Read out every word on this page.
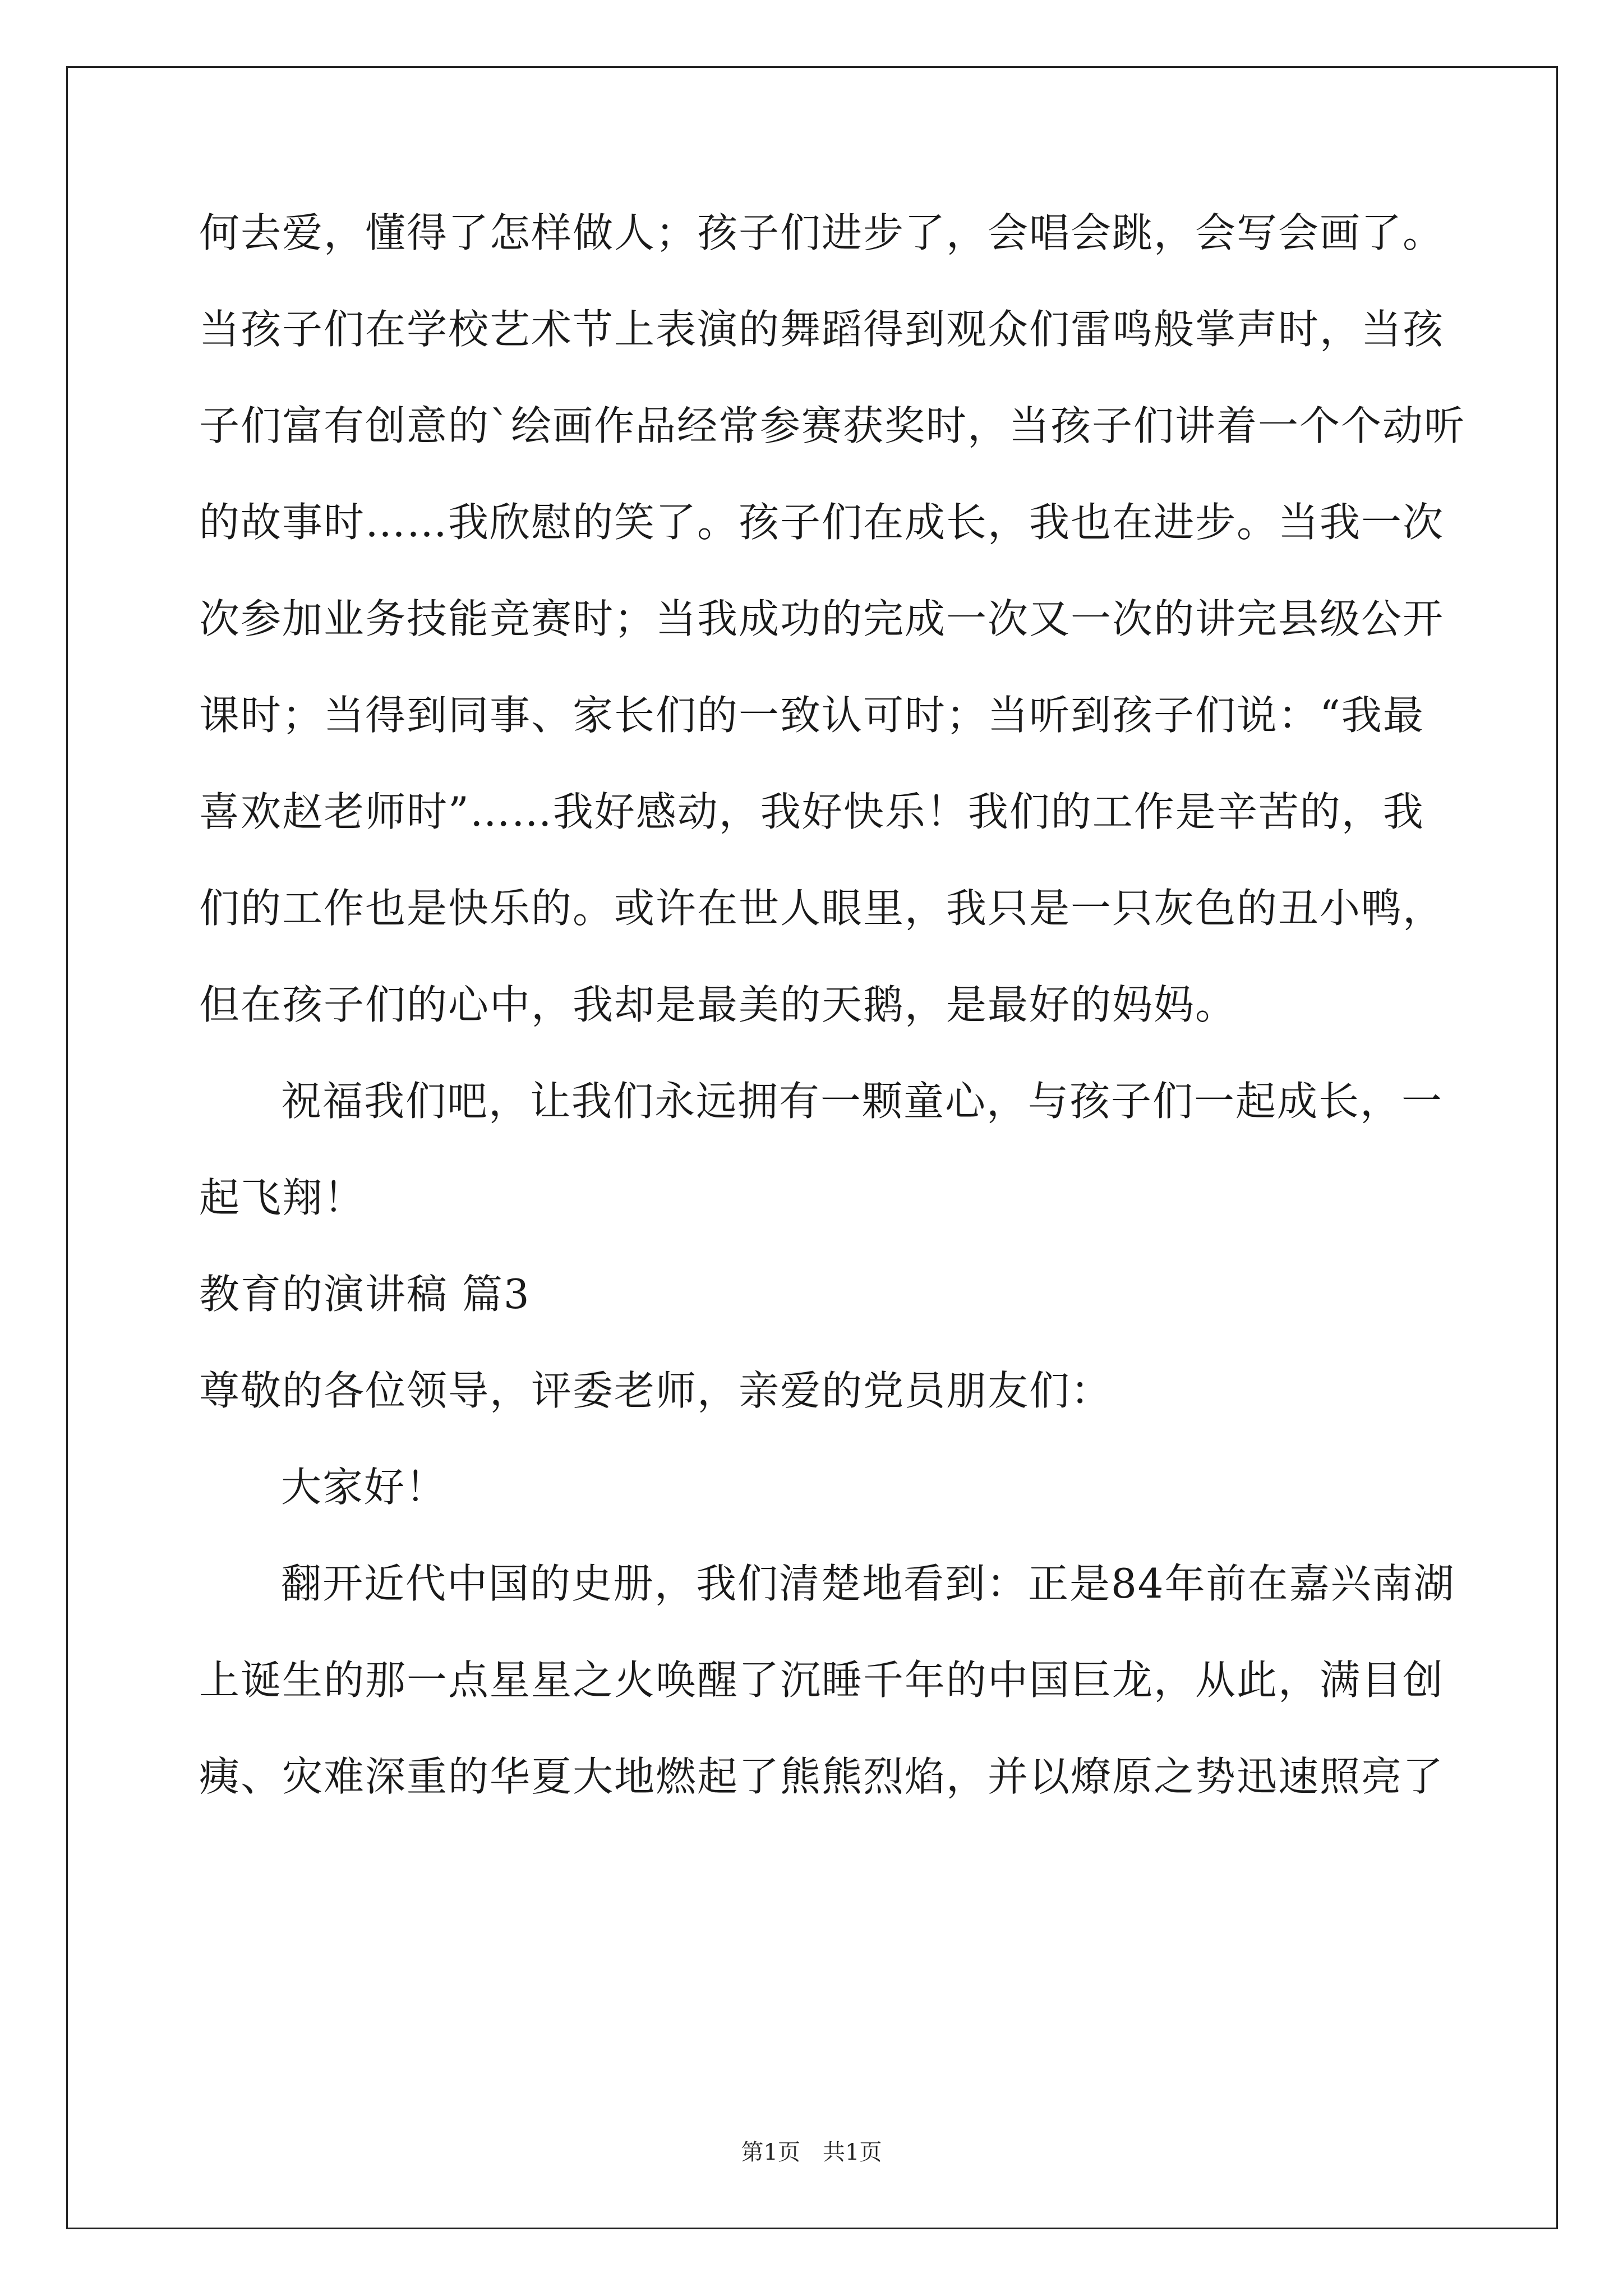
何去爱，懂得了怎样做人；孩子们进步了，会唱会跳，会写会画了。
当孩子们在学校艺术节上表演的舞蹈得到观众们雷鸣般掌声时，当孩
子们富有创意的`绘画作品经常参赛获奖时，当孩子们讲着一个个动听
的故事时……我欣慰的笑了。孩子们在成长，我也在进步。当我一次
次参加业务技能竞赛时；当我成功的完成一次又一次的讲完县级公开
课时；当得到同事、家长们的一致认可时；当听到孩子们说：“我最
喜欢赵老师时”……我好感动，我好快乐！我们的工作是辛苦的，我
们的工作也是快乐的。或许在世人眼里，我只是一只灰色的丑小鸭，
但在孩子们的心中，我却是最美的天鹅，是最好的妈妈。
祝福我们吧，让我们永远拥有一颗童心，与孩子们一起成长，一
起飞翔！
教育的演讲稿 篇3
尊敬的各位领导，评委老师，亲爱的党员朋友们：
大家好！
翻开近代中国的史册，我们清楚地看到：正是84年前在嘉兴南湖
上诞生的那一点星星之火唤醒了沉睡千年的中国巨龙，从此，满目创
痍、灾难深重的华夏大地燃起了熊熊烈焰，并以燎原之势迅速照亮了
第1页　共1页
